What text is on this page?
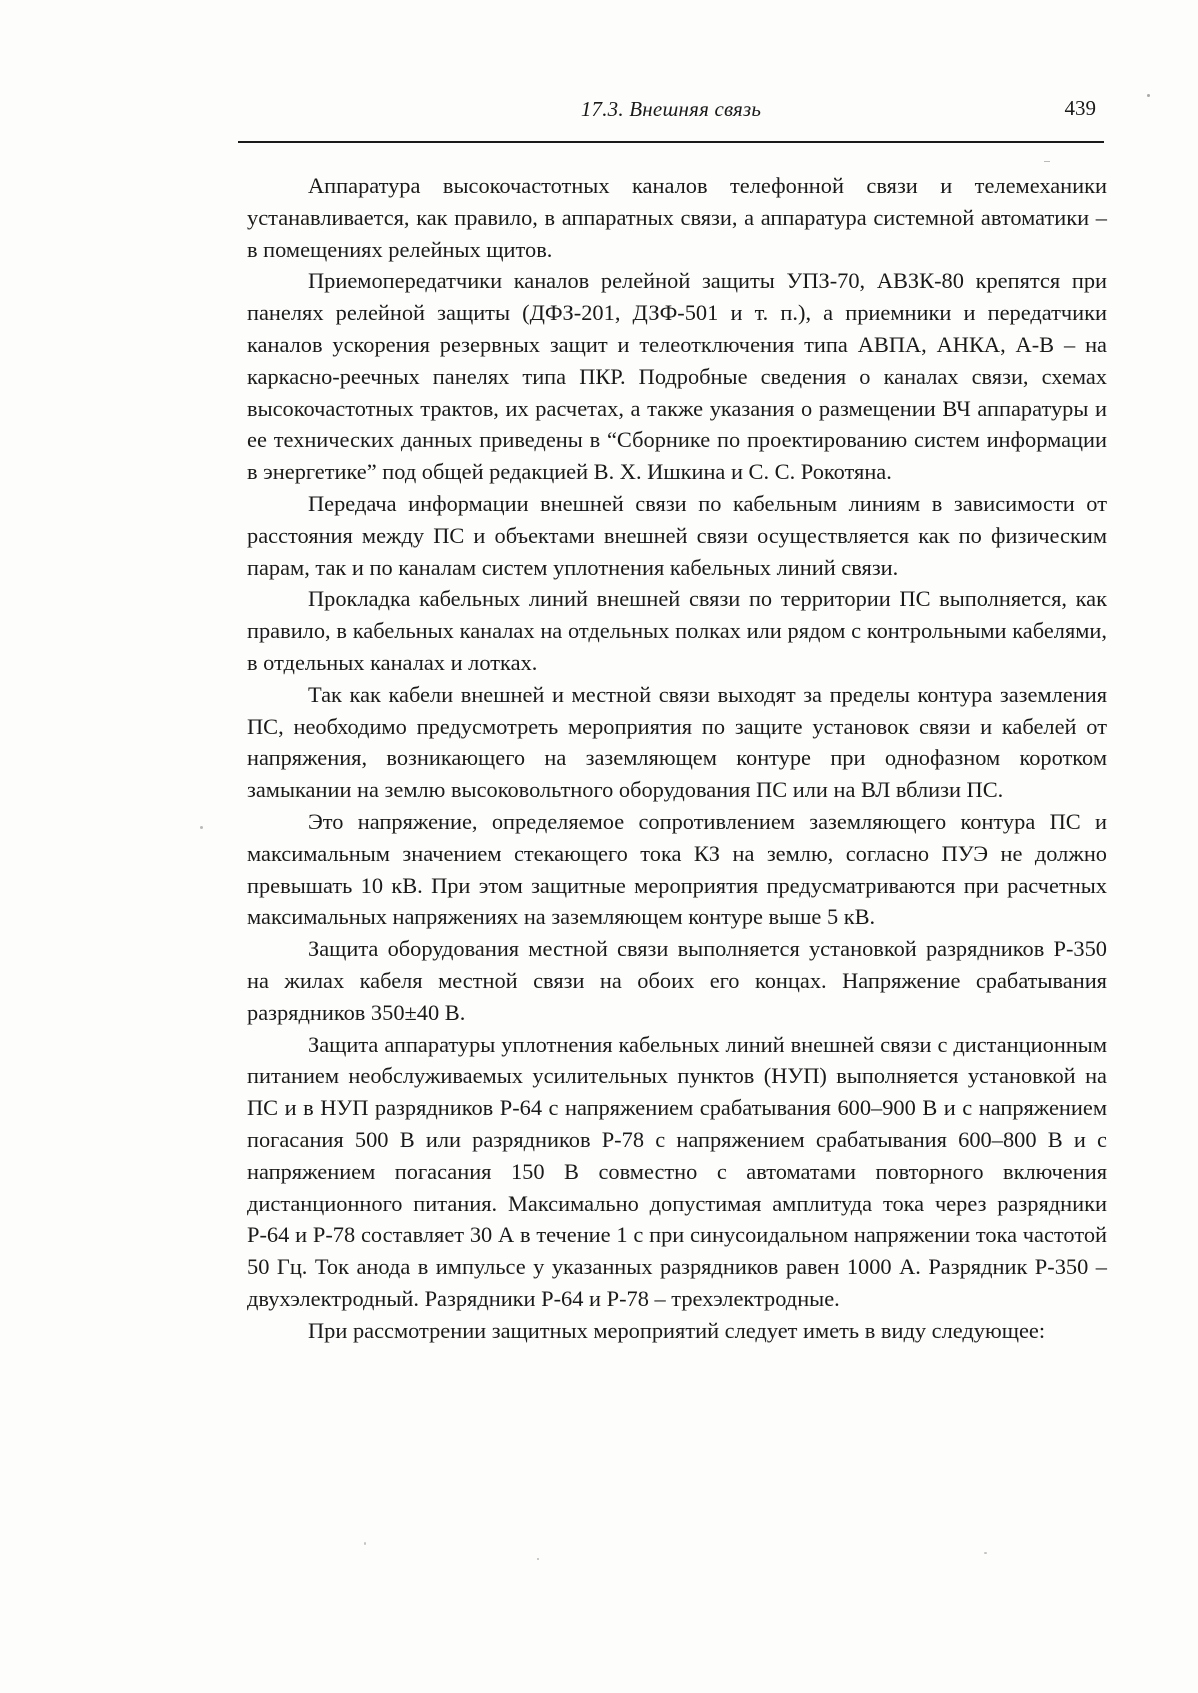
17.3. Внешняя связь	439

Аппаратура высокочастотных каналов телефонной связи и телемеханики устанавливается, как правило, в аппаратных связи, а аппаратура системной автоматики – в помещениях релейных щитов.

Приемопередатчики каналов релейной защиты УПЗ-70, АВЗК-80 крепятся при панелях релейной защиты (ДФЗ-201, ДЗФ-501 и т. п.), а приемники и передатчики каналов ускорения резервных защит и телеотключения типа АВПА, АНКА, А-В – на каркасно-реечных панелях типа ПКР. Подробные сведения о каналах связи, схемах высокочастотных трактов, их расчетах, а также указания о размещении ВЧ аппаратуры и ее технических данных приведены в “Сборнике по проектированию систем информации в энергетике” под общей редакцией В. Х. Ишкина и С. С. Рокотяна.

Передача информации внешней связи по кабельным линиям в зависимости от расстояния между ПС и объектами внешней связи осуществляется как по физическим парам, так и по каналам систем уплотнения кабельных линий связи.

Прокладка кабельных линий внешней связи по территории ПС выполняется, как правило, в кабельных каналах на отдельных полках или рядом с контрольными кабелями, в отдельных каналах и лотках.

Так как кабели внешней и местной связи выходят за пределы контура заземления ПС, необходимо предусмотреть мероприятия по защите установок связи и кабелей от напряжения, возникающего на заземляющем контуре при однофазном коротком замыкании на землю высоковольтного оборудования ПС или на ВЛ вблизи ПС.

Это напряжение, определяемое сопротивлением заземляющего контура ПС и максимальным значением стекающего тока КЗ на землю, согласно ПУЭ не должно превышать 10 кВ. При этом защитные мероприятия предусматриваются при расчетных максимальных напряжениях на заземляющем контуре выше 5 кВ.

Защита оборудования местной связи выполняется установкой разрядников Р-350 на жилах кабеля местной связи на обоих его концах. Напряжение срабатывания разрядников 350±40 В.

Защита аппаратуры уплотнения кабельных линий внешней связи с дистанционным питанием необслуживаемых усилительных пунктов (НУП) выполняется установкой на ПС и в НУП разрядников Р-64 с напряжением срабатывания 600–900 В и с напряжением погасания 500 В или разрядников Р-78 с напряжением срабатывания 600–800 В и с напряжением погасания 150 В совместно с автоматами повторного включения дистанционного питания. Максимально допустимая амплитуда тока через разрядники Р-64 и Р-78 составляет 30 А в течение 1 с при синусоидальном напряжении тока частотой 50 Гц. Ток анода в импульсе у указанных разрядников равен 1000 А. Разрядник Р-350 – двухэлектродный. Разрядники Р-64 и Р-78 – трехэлектродные.

При рассмотрении защитных мероприятий следует иметь в виду следующее:
